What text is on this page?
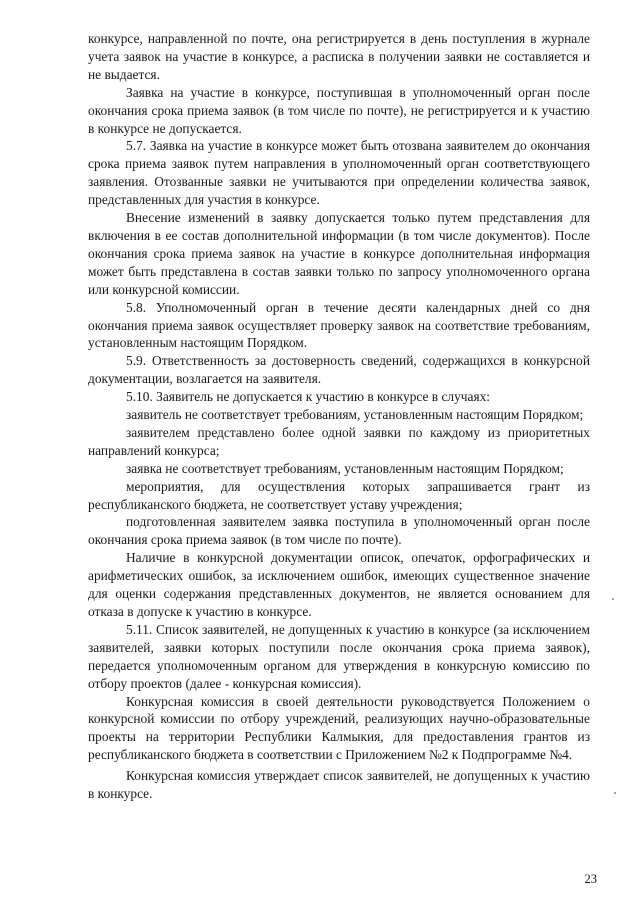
конкурсе, направленной по почте, она регистрируется в день поступления в журнале учета заявок на участие в конкурсе, а расписка в получении заявки не составляется и не выдается.

Заявка на участие в конкурсе, поступившая в уполномоченный орган после окончания срока приема заявок (в том числе по почте), не регистрируется и к участию в конкурсе не допускается.

5.7. Заявка на участие в конкурсе может быть отозвана заявителем до окончания срока приема заявок путем направления в уполномоченный орган соответствующего заявления. Отозванные заявки не учитываются при определении количества заявок, представленных для участия в конкурсе.

Внесение изменений в заявку допускается только путем представления для включения в ее состав дополнительной информации (в том числе документов). После окончания срока приема заявок на участие в конкурсе дополнительная информация может быть представлена в состав заявки только по запросу уполномоченного органа или конкурсной комиссии.

5.8. Уполномоченный орган в течение десяти календарных дней со дня окончания приема заявок осуществляет проверку заявок на соответствие требованиям, установленным настоящим Порядком.

5.9. Ответственность за достоверность сведений, содержащихся в конкурсной документации, возлагается на заявителя.

5.10. Заявитель не допускается к участию в конкурсе в случаях:

заявитель не соответствует требованиям, установленным настоящим Порядком;

заявителем представлено более одной заявки по каждому из приоритетных направлений конкурса;

заявка не соответствует требованиям, установленным настоящим Порядком;

мероприятия, для осуществления которых запрашивается грант из республиканского бюджета, не соответствует уставу учреждения;

подготовленная заявителем заявка поступила в уполномоченный орган после окончания срока приема заявок (в том числе по почте).

Наличие в конкурсной документации описок, опечаток, орфографических и арифметических ошибок, за исключением ошибок, имеющих существенное значение для оценки содержания представленных документов, не является основанием для отказа в допуске к участию в конкурсе.

5.11. Список заявителей, не допущенных к участию в конкурсе (за исключением заявителей, заявки которых поступили после окончания срока приема заявок), передается уполномоченным органом для утверждения в конкурсную комиссию по отбору проектов (далее - конкурсная комиссия).

Конкурсная комиссия в своей деятельности руководствуется Положением о конкурсной комиссии по отбору учреждений, реализующих научно-образовательные проекты на территории Республики Калмыкия, для предоставления грантов из республиканского бюджета в соответствии с Приложением №2 к Подпрограмме №4.

Конкурсная комиссия утверждает список заявителей, не допущенных к участию в конкурсе.

23
